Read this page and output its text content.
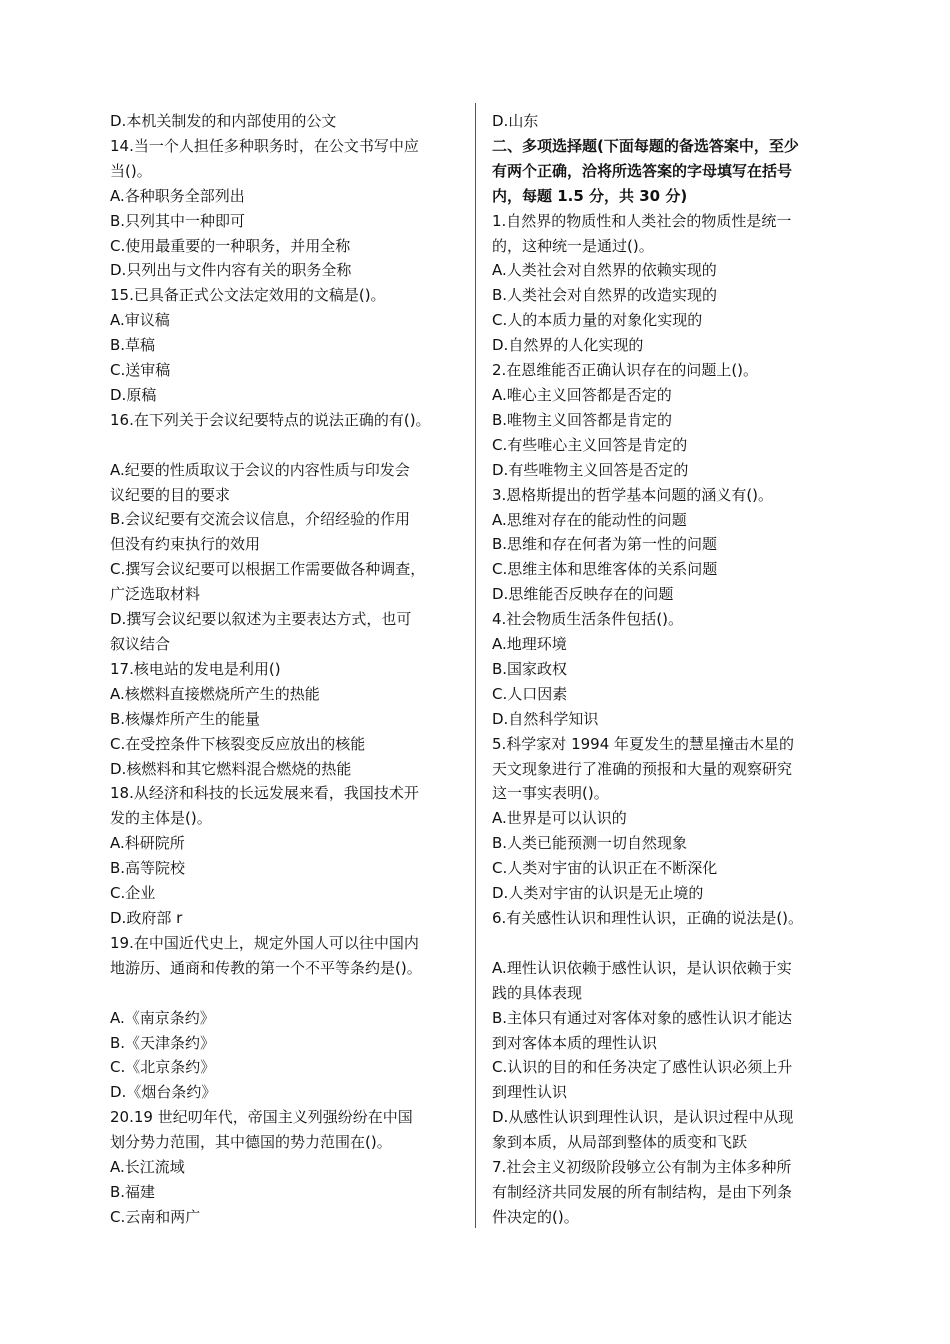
D.本机关制发的和内部使用的公文

14.当一个人担任多种职务时，在公文书写中应

当()。

A.各种职务全部列出

B.只列其中一种即可

C.使用最重要的一种职务，并用全称

D.只列出与文件内容有关的职务全称

15.已具备正式公文法定效用的文稿是()。

A.审议稿

B.草稿

C.送审稿

D.原稿

16.在下列关于会议纪要特点的说法正确的有()。

A.纪要的性质取议于会议的内容性质与印发会

议纪要的目的要求

B.会议纪要有交流会议信息，介绍经验的作用

但没有约束执行的效用

C.撰写会议纪要可以根据工作需要做各种调查，

广泛选取材料

D.撰写会议纪要以叙述为主要表达方式，也可

叙议结合

17.核电站的发电是利用()

A.核燃料直接燃烧所产生的热能

B.核爆炸所产生的能量

C.在受控条件下核裂变反应放出的核能

D.核燃料和其它燃料混合燃烧的热能

18.从经济和科技的长远发展来看，我国技术开

发的主体是()。

A.科研院所

B.高等院校

C.企业

D.政府部 r

19.在中国近代史上，规定外国人可以往中国内

地游历、通商和传教的第一个不平等条约是()。

A.《南京条约》

B.《天津条约》

C.《北京条约》

D.《烟台条约》

20.19 世纪叨年代，帝国主义列强纷纷在中国

划分势力范围，其中德国的势力范围在()。

A.长江流域

B.福建

C.云南和两广

D.山东

二、多项选择题(下面每题的备选答案中，至少

有两个正确，洽将所选答案的字母填写在括号

内，每题 1.5 分，共 30 分)

1.自然界的物质性和人类社会的物质性是统一

的，这种统一是通过()。

A.人类社会对自然界的依赖实现的

B.人类社会对自然界的改造实现的

C.人的本质力量的对象化实现的

D.自然界的人化实现的

2.在恩维能否正确认识存在的问题上()。

A.唯心主义回答都是否定的

B.唯物主义回答都是肯定的

C.有些唯心主义回答是肯定的

D.有些唯物主义回答是否定的

3.恩格斯提出的哲学基本问题的涵义有()。

A.思维对存在的能动性的问题

B.思维和存在何者为第一性的问题

C.思维主体和思维客体的关系问题

D.思维能否反映存在的问题

4.社会物质生活条件包括()。

A.地理环境

B.国家政权

C.人口因素

D.自然科学知识

5.科学家对 1994 年夏发生的慧星撞击木星的

天文现象进行了准确的预报和大量的观察研究

这一事实表明()。

A.世界是可以认识的

B.人类已能预测一切自然现象

C.人类对宇宙的认识正在不断深化

D.人类对宇宙的认识是无止境的

6.有关感性认识和理性认识，正确的说法是()。

A.理性认识依赖于感性认识，是认识依赖于实

践的具体表现

B.主体只有通过对客体对象的感性认识才能达

到对客体本质的理性认识

C.认识的目的和任务决定了感性认识必须上升

到理性认识

D.从感性认识到理性认识，是认识过程中从现

象到本质，从局部到整体的质变和飞跃

7.社会主义初级阶段够立公有制为主体多种所

有制经济共同发展的所有制结构，是由下列条

件决定的()。
